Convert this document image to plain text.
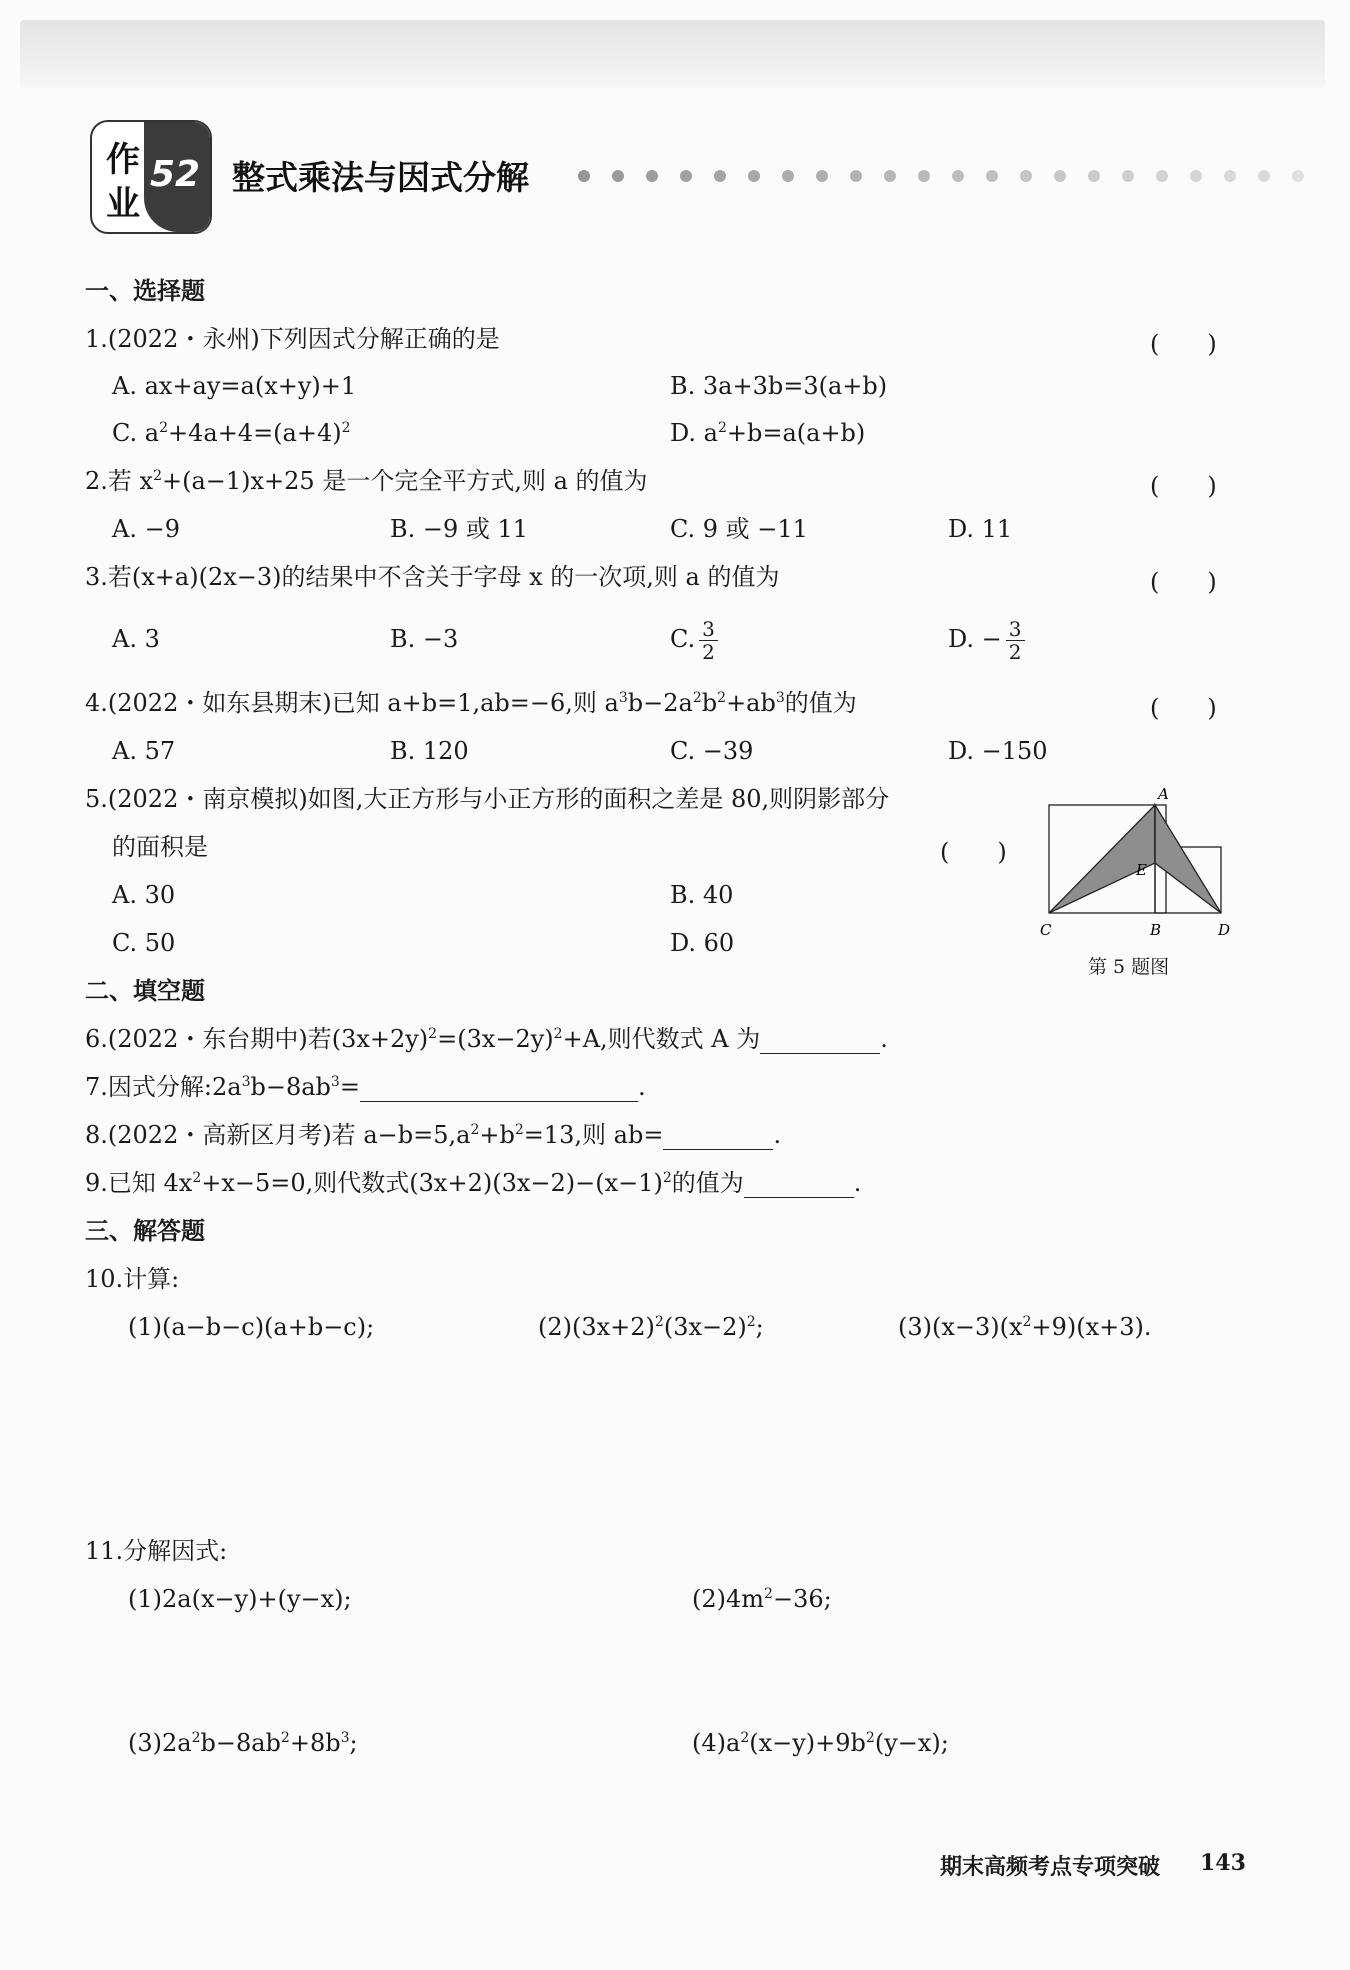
作
业
52 整式乘法与因式分解
一、选择题
1.(2022・永州)下列因式分解正确的是	(　　)
A. ax+ay=a(x+y)+1	B. 3a+3b=3(a+b)
C. $a^2+4a+4=(a+4)^2$	D. $a^2+b=a(a+b)$
2.若 $x^2+(a-1)x+25$ 是一个完全平方式,则 a 的值为	(　　)
A. −9	B. −9 或 11	C. 9 或 −11	D. 11
3.若(x+a)(2x−3)的结果中不含关于字母 x 的一次项,则 a 的值为	(　　)
A. 3	B. −3	C. $\frac{3}{2}$	D. − $\frac{3}{2}$
4.(2022・如东县期末)已知 a+b=1,ab=−6,则 $a^3b-2a^2b^2+ab^3$的值为	(　　)
A. 57	B. 120	C. −39	D. −150
5.(2022・南京模拟)如图,大正方形与小正方形的面积之差是 80,则阴影部分
的面积是	(　　)
A. 30	B. 40
C. 50	D. 60
A
B
C	D
E
第 5 题图
二、填空题
6.(2022・东台期中)若$(3x+2y)^2=(3x-2y)^2+A$,则代数式 A 为	.
7.因式分解$:2a^3b-8ab^3=$	.
8.(2022・高新区月考)若 $a-b=5,a^2+b^2=13$,则 ab=	.
9.已知 $4x^2+x-5=0$,则代数式$(3x+2)(3x-2)-(x-1)^2$的值为	.
三、解答题
10.计算:
(1)(a−b−c)(a+b−c);	$(2)(3x+2)^2(3x-2)^2$;	$(3)(x-3)(x^2+9)(x+3)$.
11.分解因式:
(1)2a(x−y)+(y−x);	$(2)4m^2-36$;
$(3)2a^2b-8ab^2+8b^3$;	$(4)a^2(x-y)+9b^2(y-x)$;
期末高频考点专项突破 143
